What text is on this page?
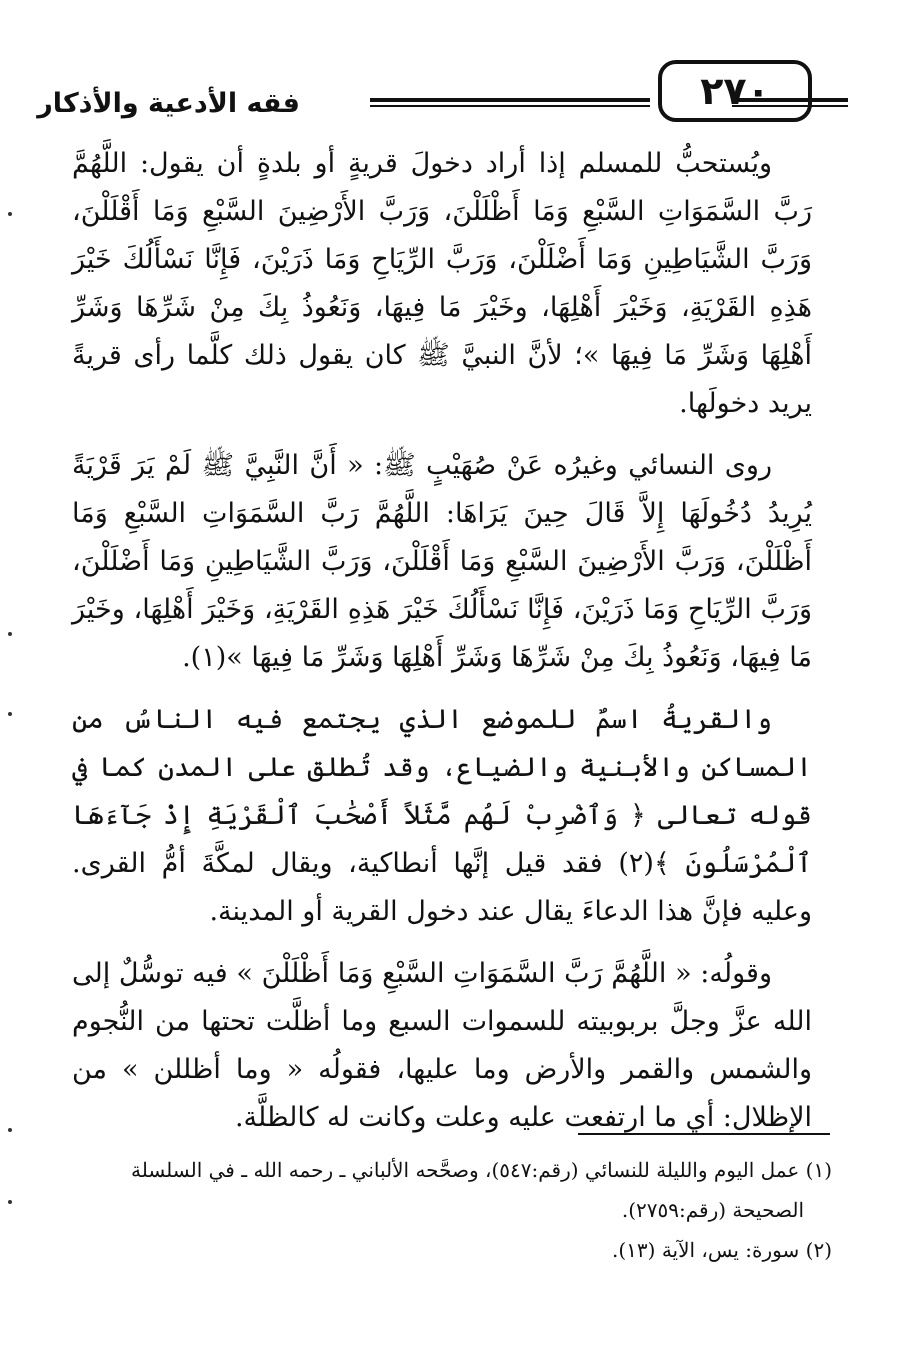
فقه الأدعية والأذكار	٢٧٠

ويُستحبُّ للمسلم إذا أراد دخولَ قريةٍ أو بلدةٍ أن يقول: اللَّهُمَّ رَبَّ السَّمَوَاتِ السَّبْعِ وَمَا أَظْلَلْنَ، وَرَبَّ الأَرْضِينَ السَّبْعِ وَمَا أَقْلَلْنَ، وَرَبَّ الشَّيَاطِينِ وَمَا أَضْلَلْنَ، وَرَبَّ الرِّيَاحِ وَمَا ذَرَيْنَ، فَإِنَّا نَسْأَلُكَ خَيْرَ هَذِهِ القَرْيَةِ، وَخَيْرَ أَهْلِهَا، وخَيْرَ مَا فِيهَا، وَنَعُوذُ بِكَ مِنْ شَرِّهَا وَشَرِّ أَهْلِهَا وَشَرِّ مَا فِيهَا »؛ لأنَّ النبيَّ ﷺ كان يقول ذلك كلَّما رأى قريةً يريد دخولَها.

روى النسائي وغيرُه عَنْ صُهَيْبٍ ﷺ: « أَنَّ النَّبِيَّ ﷺ لَمْ يَرَ قَرْيَةً يُرِيدُ دُخُولَهَا إِلاَّ قَالَ حِينَ يَرَاهَا: اللَّهُمَّ رَبَّ السَّمَوَاتِ السَّبْعِ وَمَا أَظْلَلْنَ، وَرَبَّ الأَرْضِينَ السَّبْعِ وَمَا أَقْلَلْنَ، وَرَبَّ الشَّيَاطِينِ وَمَا أَضْلَلْنَ، وَرَبَّ الرِّيَاحِ وَمَا ذَرَيْنَ، فَإِنَّا نَسْأَلُكَ خَيْرَ هَذِهِ القَرْيَةِ، وَخَيْرَ أَهْلِهَا، وخَيْرَ مَا فِيهَا، وَنَعُوذُ بِكَ مِنْ شَرِّهَا وَشَرِّ أَهْلِهَا وَشَرِّ مَا فِيهَا »(١).

والقريةُ اسمٌ للموضع الذي يجتمع فيه الناسُ من المساكن والأبنية والضياع، وقد تُطلق على المدن كما في قوله تعالى ﴿ وَٱضْرِبْ لَهُم مَّثَلاً أَصْحَٰبَ ٱلْقَرْيَةِ إِذْ جَآءَهَا ٱلْمُرْسَلُونَ ﴾(٢) فقد قيل إنَّها أنطاكية، ويقال لمكَّةَ أمُّ القرى. وعليه فإنَّ هذا الدعاءَ يقال عند دخول القرية أو المدينة.

وقولُه: « اللَّهُمَّ رَبَّ السَّمَوَاتِ السَّبْعِ وَمَا أَظْلَلْنَ » فيه توسُّلٌ إلى الله عزَّ وجلَّ بربوبيته للسموات السبع وما أظلَّت تحتها من النُّجوم والشمس والقمر والأرض وما عليها، فقولُه « وما أظللن » من الإظلال: أي ما ارتفعت عليه وعلت وكانت له كالظلَّة.

(١) عمل اليوم والليلة للنسائي (رقم:٥٤٧)، وصحَّحه الألباني ـ رحمه الله ـ في السلسلة
الصحيحة (رقم:٢٧٥٩).
(٢) سورة: يس، الآية (١٣).
